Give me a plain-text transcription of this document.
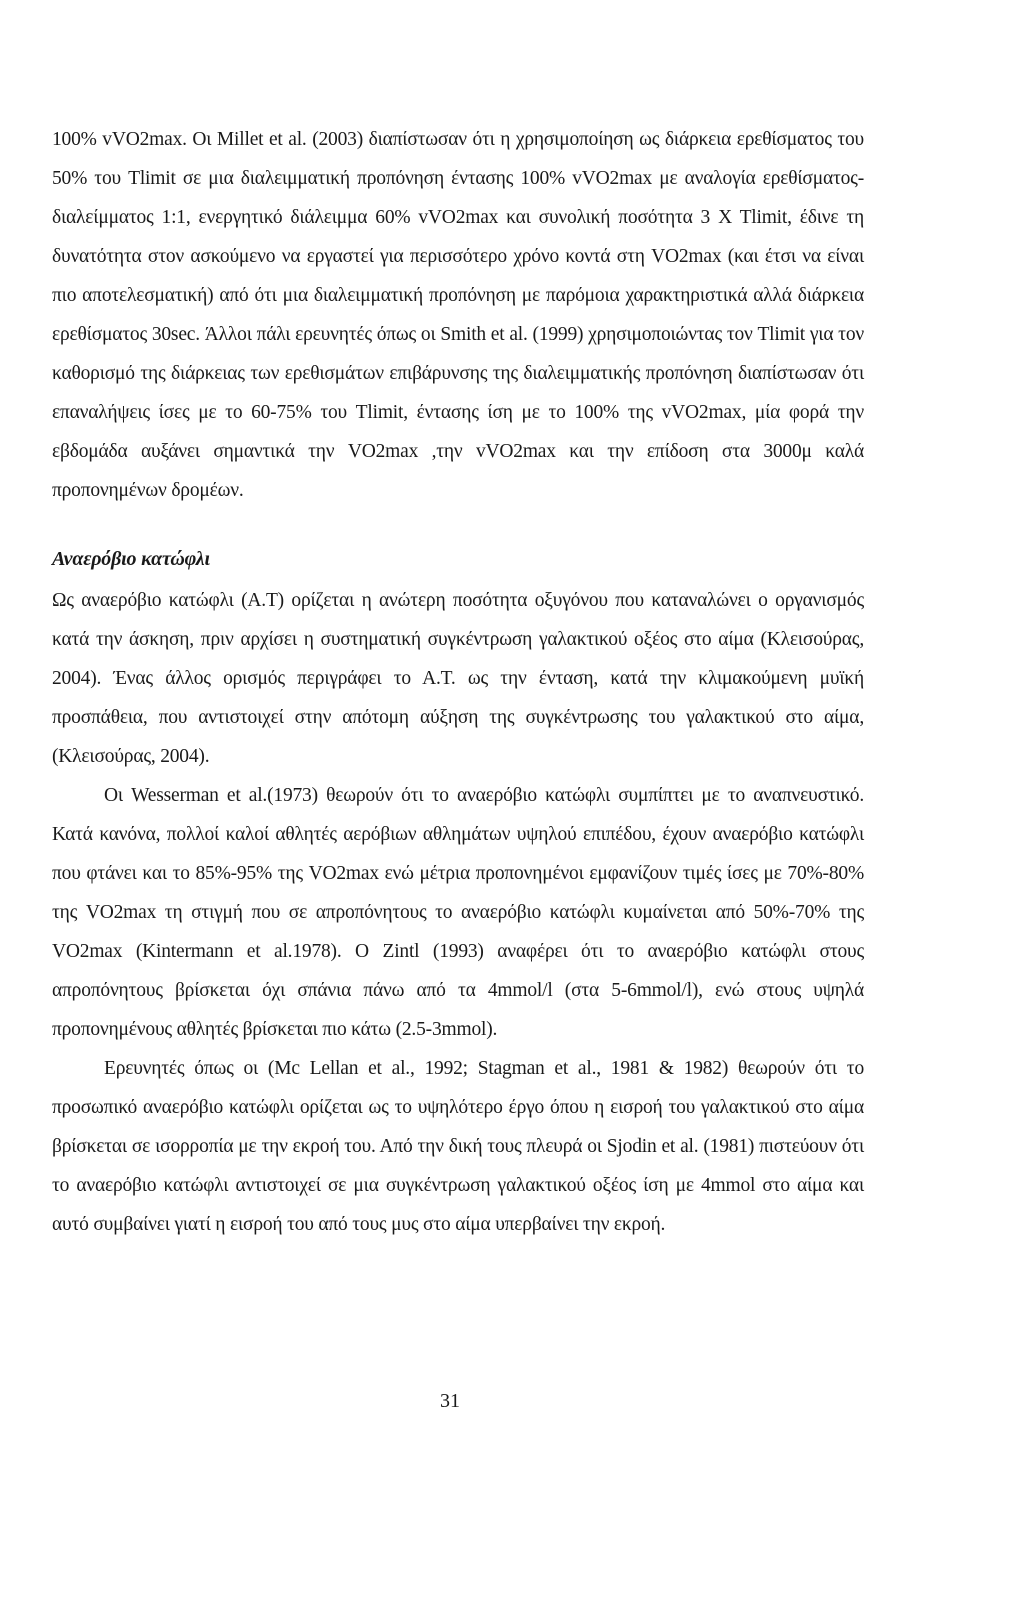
100% vVO2max. Οι Millet et al. (2003) διαπίστωσαν ότι η χρησιμοποίηση ως διάρκεια ερεθίσματος του 50% του Tlimit σε μια διαλειμματική προπόνηση έντασης 100% vVO2max με αναλογία ερεθίσματος-διαλείμματος 1:1, ενεργητικό διάλειμμα 60% vVO2max και συνολική ποσότητα 3 X Tlimit, έδινε τη δυνατότητα στον ασκούμενο να εργαστεί για περισσότερο χρόνο κοντά στη VO2max (και έτσι να είναι πιο αποτελεσματική) από ότι μια διαλειμματική προπόνηση με παρόμοια χαρακτηριστικά αλλά διάρκεια ερεθίσματος 30sec. Άλλοι πάλι ερευνητές όπως οι Smith et al. (1999) χρησιμοποιώντας τον Tlimit για τον καθορισμό της διάρκειας των ερεθισμάτων επιβάρυνσης της διαλειμματικής προπόνηση διαπίστωσαν ότι επαναλήψεις ίσες με το 60-75% του Tlimit, έντασης ίση με το 100% της vVO2max, μία φορά την εβδομάδα αυξάνει σημαντικά την VO2max ,την vVO2max και την επίδοση στα 3000μ καλά προπονημένων δρομέων.

Αναερόβιο κατώφλι

Ως αναερόβιο κατώφλι (Α.Τ) ορίζεται η ανώτερη ποσότητα οξυγόνου που καταναλώνει ο οργανισμός κατά την άσκηση, πριν αρχίσει η συστηματική συγκέντρωση γαλακτικού οξέος στο αίμα (Κλεισούρας, 2004). Ένας άλλος ορισμός περιγράφει το Α.Τ. ως την ένταση, κατά την κλιμακούμενη μυϊκή προσπάθεια, που αντιστοιχεί στην απότομη αύξηση της συγκέντρωσης του γαλακτικού στο αίμα, (Κλεισούρας, 2004).

Οι Wesserman et al.(1973) θεωρούν ότι το αναερόβιο κατώφλι συμπίπτει με το αναπνευστικό. Κατά κανόνα, πολλοί καλοί αθλητές αερόβιων αθλημάτων υψηλού επιπέδου, έχουν αναερόβιο κατώφλι που φτάνει και το 85%-95% της VO2max ενώ μέτρια προπονημένοι εμφανίζουν τιμές ίσες με 70%-80% της VO2max τη στιγμή που σε απροπόνητους το αναερόβιο κατώφλι κυμαίνεται από 50%-70% της VO2max (Kintermann et al.1978). Ο Zintl (1993) αναφέρει ότι το αναερόβιο κατώφλι στους απροπόνητους βρίσκεται όχι σπάνια πάνω από τα 4mmol/l (στα 5-6mmol/l), ενώ στους υψηλά προπονημένους αθλητές βρίσκεται πιο κάτω (2.5-3mmol).

Ερευνητές όπως οι (Mc Lellan et al., 1992; Stagman et al., 1981 & 1982) θεωρούν ότι το προσωπικό αναερόβιο κατώφλι ορίζεται ως το υψηλότερο έργο όπου η εισροή του γαλακτικού στο αίμα βρίσκεται σε ισορροπία με την εκροή του. Από την δική τους πλευρά οι Sjodin et al. (1981) πιστεύουν ότι το αναερόβιο κατώφλι αντιστοιχεί σε μια συγκέντρωση γαλακτικού οξέος ίση με 4mmol στο αίμα και αυτό συμβαίνει γιατί η εισροή του από τους μυς στο αίμα υπερβαίνει την εκροή.

31
